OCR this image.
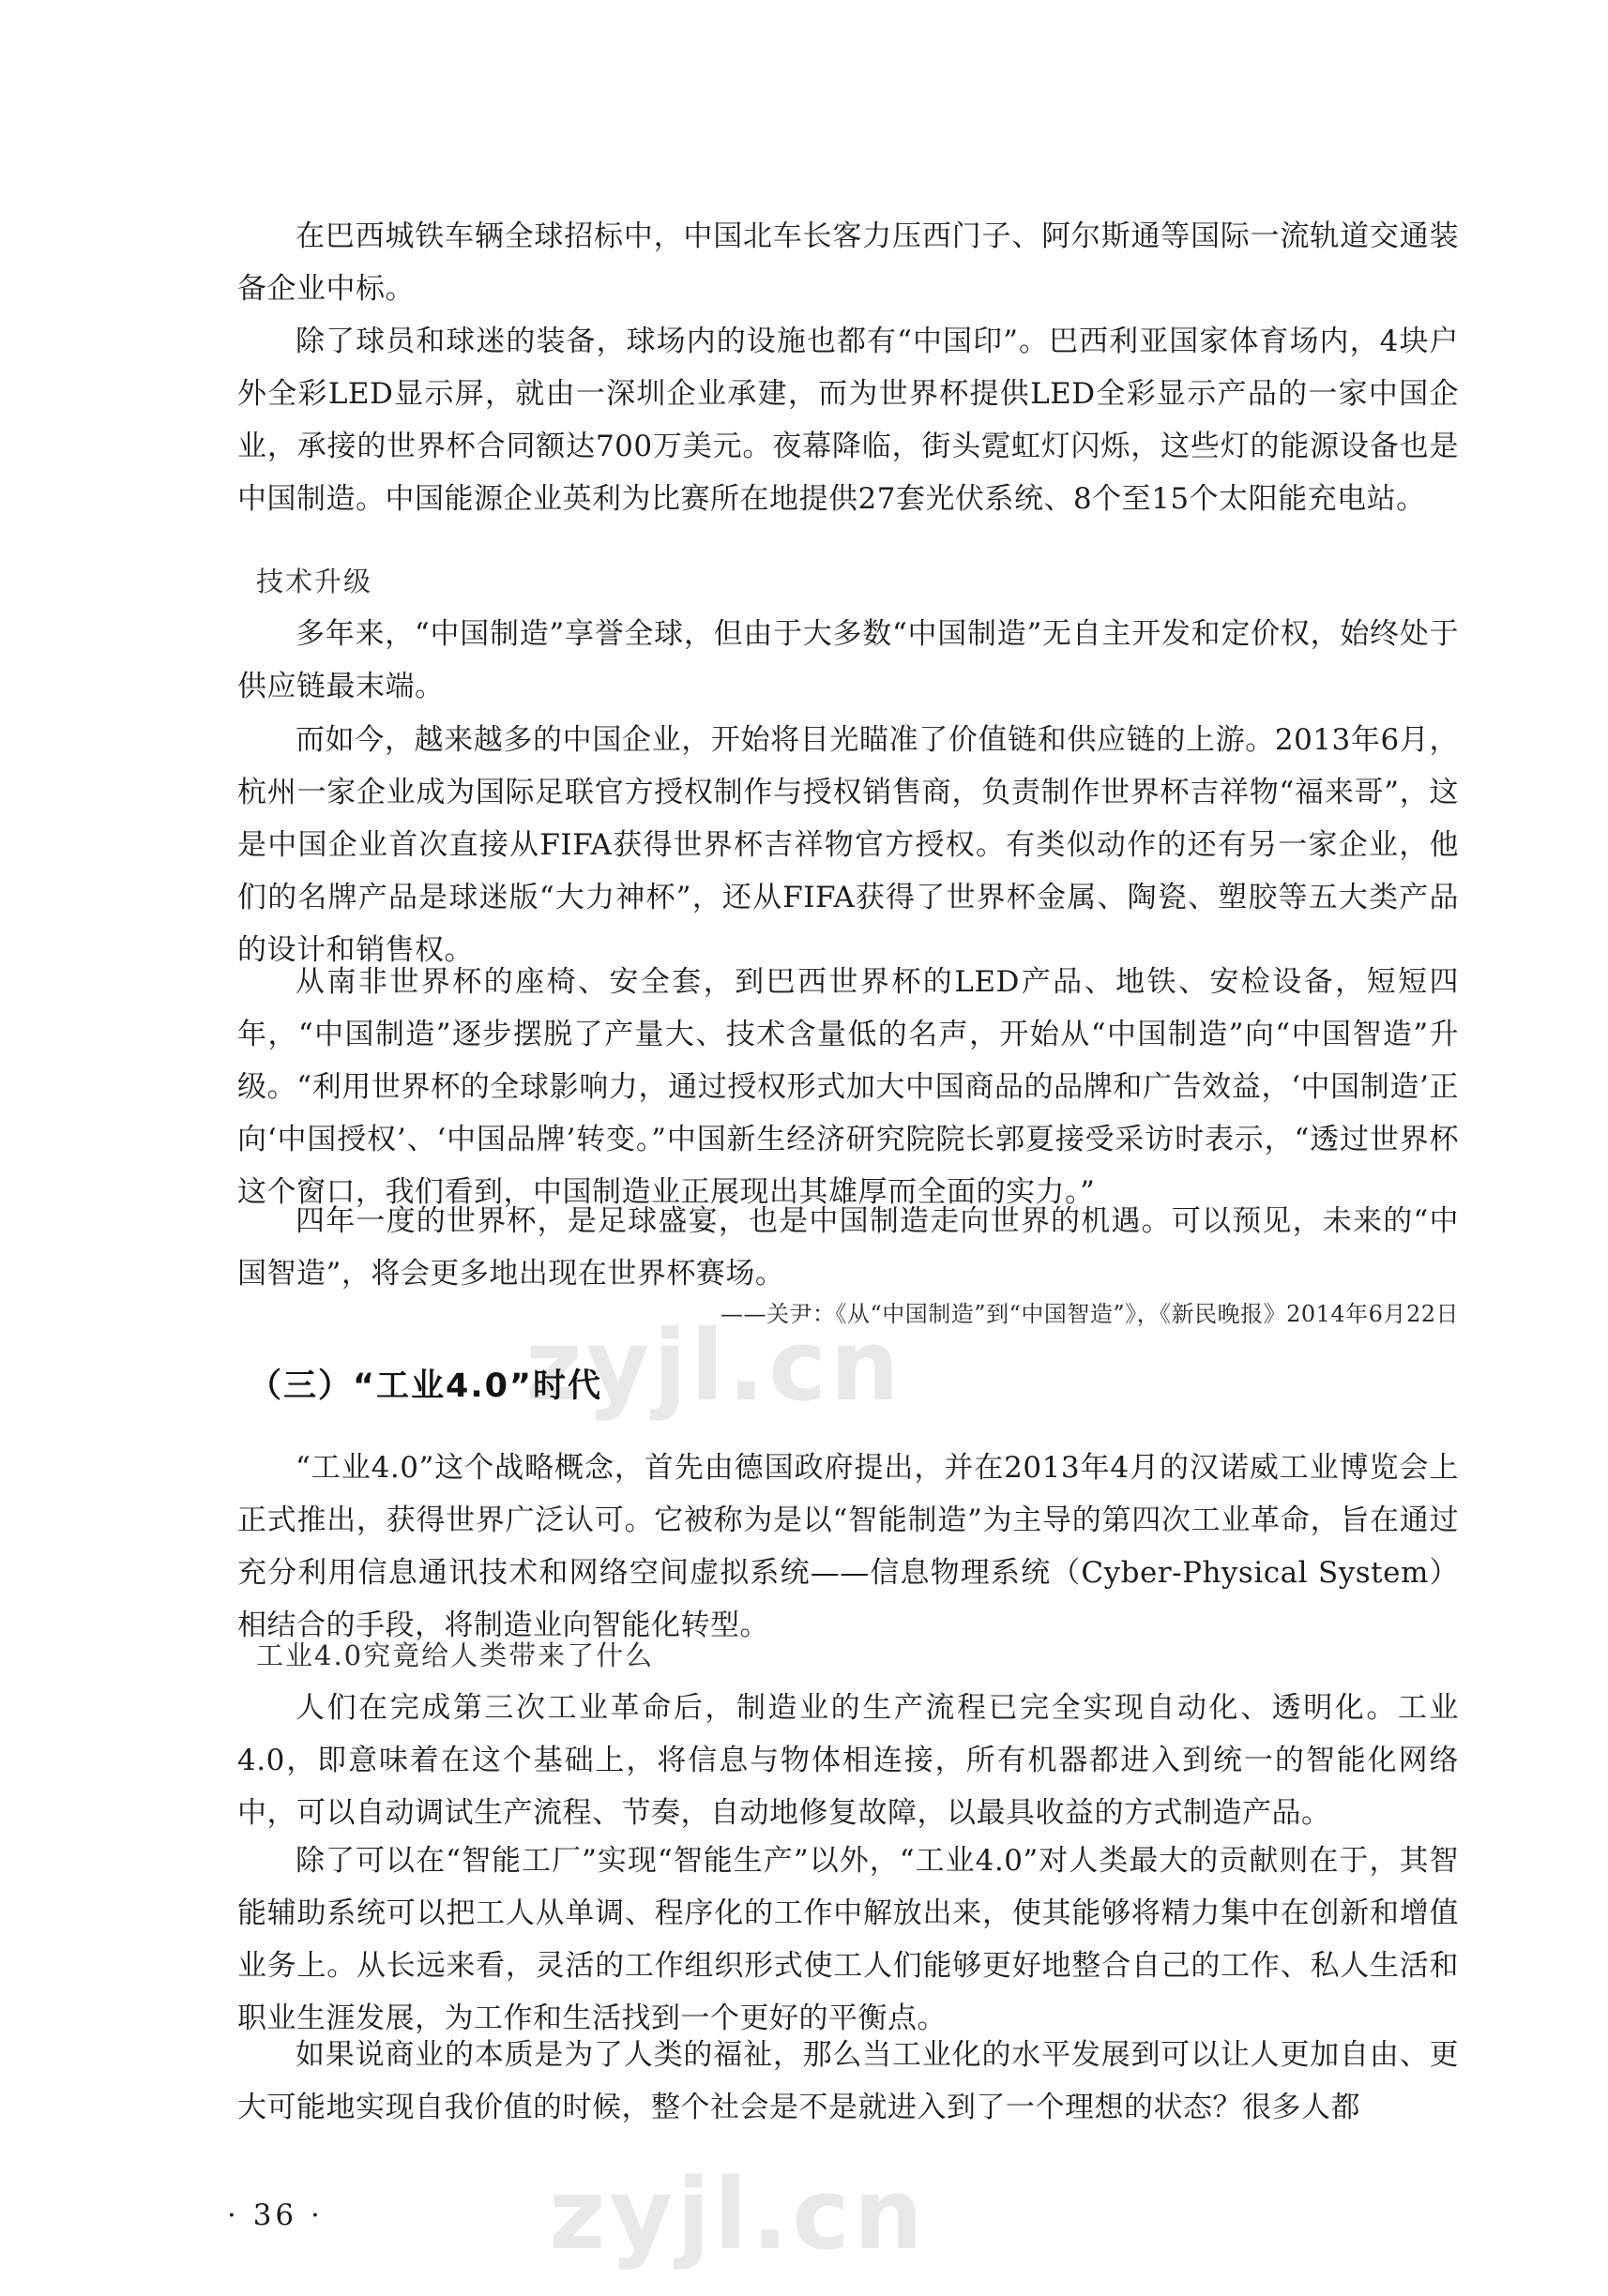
zyjl.cn
zyjl.cn

在巴西城铁车辆全球招标中，中国北车长客力压西门子、阿尔斯通等国际一流轨道交通装备企业中标。

除了球员和球迷的装备，球场内的设施也都有“中国印”。巴西利亚国家体育场内，4块户外全彩LED显示屏，就由一深圳企业承建，而为世界杯提供LED全彩显示产品的一家中国企业，承接的世界杯合同额达700万美元。夜幕降临，街头霓虹灯闪烁，这些灯的能源设备也是中国制造。中国能源企业英利为比赛所在地提供27套光伏系统、8个至15个太阳能充电站。

技术升级

多年来，“中国制造”享誉全球，但由于大多数“中国制造”无自主开发和定价权，始终处于供应链最末端。

而如今，越来越多的中国企业，开始将目光瞄准了价值链和供应链的上游。2013年6月，杭州一家企业成为国际足联官方授权制作与授权销售商，负责制作世界杯吉祥物“福来哥”，这是中国企业首次直接从FIFA获得世界杯吉祥物官方授权。有类似动作的还有另一家企业，他们的名牌产品是球迷版“大力神杯”，还从FIFA获得了世界杯金属、陶瓷、塑胶等五大类产品的设计和销售权。

从南非世界杯的座椅、安全套，到巴西世界杯的LED产品、地铁、安检设备，短短四年，“中国制造”逐步摆脱了产量大、技术含量低的名声，开始从“中国制造”向“中国智造”升级。“利用世界杯的全球影响力，通过授权形式加大中国商品的品牌和广告效益，‘中国制造’正向‘中国授权’、‘中国品牌’转变。”中国新生经济研究院院长郭夏接受采访时表示，“透过世界杯这个窗口，我们看到，中国制造业正展现出其雄厚而全面的实力。”

四年一度的世界杯，是足球盛宴，也是中国制造走向世界的机遇。可以预见，未来的“中国智造”，将会更多地出现在世界杯赛场。

——关尹：《从“中国制造”到“中国智造”》，《新民晚报》2014年6月22日

（三）“工业4.0”时代

“工业4.0”这个战略概念，首先由德国政府提出，并在2013年4月的汉诺威工业博览会上正式推出，获得世界广泛认可。它被称为是以“智能制造”为主导的第四次工业革命，旨在通过充分利用信息通讯技术和网络空间虚拟系统——信息物理系统（Cyber-Physical System）相结合的手段，将制造业向智能化转型。

工业4.0究竟给人类带来了什么

人们在完成第三次工业革命后，制造业的生产流程已完全实现自动化、透明化。工业4.0，即意味着在这个基础上，将信息与物体相连接，所有机器都进入到统一的智能化网络中，可以自动调试生产流程、节奏，自动地修复故障，以最具收益的方式制造产品。

除了可以在“智能工厂”实现“智能生产”以外，“工业4.0”对人类最大的贡献则在于，其智能辅助系统可以把工人从单调、程序化的工作中解放出来，使其能够将精力集中在创新和增值业务上。从长远来看，灵活的工作组织形式使工人们能够更好地整合自己的工作、私人生活和职业生涯发展，为工作和生活找到一个更好的平衡点。

如果说商业的本质是为了人类的福祉，那么当工业化的水平发展到可以让人更加自由、更大可能地实现自我价值的时候，整个社会是不是就进入到了一个理想的状态？很多人都

· 36 ·
